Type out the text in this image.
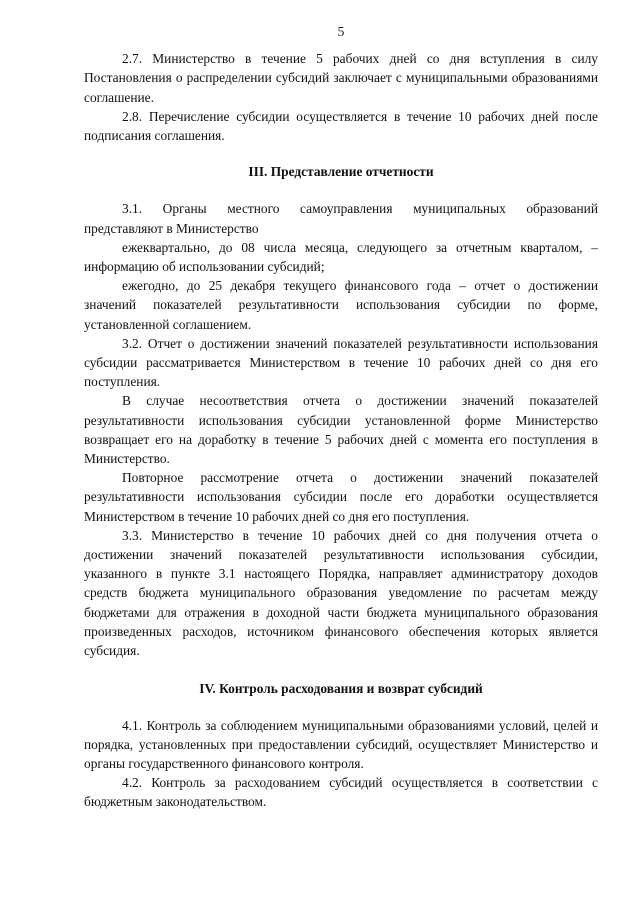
5

2.7. Министерство в течение 5 рабочих дней со дня вступления в силу Постановления о распределении субсидий заключает с муниципальными образованиями соглашение.

2.8. Перечисление субсидии осуществляется в течение 10 рабочих дней после подписания соглашения.

III. Представление отчетности

3.1. Органы местного самоуправления муниципальных образований

представляют в Министерство

ежеквартально, до 08 числа месяца, следующего за отчетным кварталом, – информацию об использовании субсидий;

ежегодно, до 25 декабря текущего финансового года – отчет о достижении значений показателей результативности использования субсидии по форме, установленной соглашением.

3.2. Отчет о достижении значений показателей результативности использования субсидии рассматривается Министерством в течение 10 рабочих дней со дня его поступления.

В случае несоответствия отчета о достижении значений показателей результативности использования субсидии установленной форме Министерство возвращает его на доработку в течение 5 рабочих дней с момента его поступления в Министерство.

Повторное рассмотрение отчета о достижении значений показателей результативности использования субсидии после его доработки осуществляется Министерством в течение 10 рабочих дней со дня его поступления.

3.3. Министерство в течение 10 рабочих дней со дня получения отчета о достижении значений показателей результативности использования субсидии, указанного в пункте 3.1 настоящего Порядка, направляет администратору доходов средств бюджета муниципального образования уведомление по расчетам между бюджетами для отражения в доходной части бюджета муниципального образования произведенных расходов, источником финансового обеспечения которых является субсидия.

IV. Контроль расходования и возврат субсидий

4.1. Контроль за соблюдением муниципальными образованиями условий, целей и порядка, установленных при предоставлении субсидий, осуществляет Министерство и органы государственного финансового контроля.

4.2. Контроль за расходованием субсидий осуществляется в соответствии с бюджетным законодательством.
